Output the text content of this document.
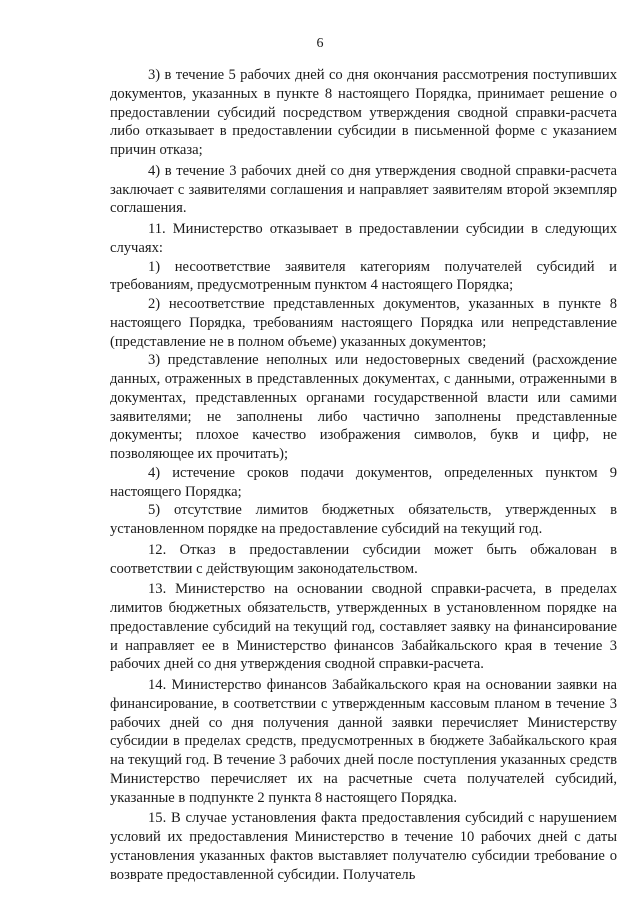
6

3) в течение 5 рабочих дней со дня окончания рассмотрения поступивших документов, указанных в пункте 8 настоящего Порядка, принимает решение о предоставлении субсидий посредством утверждения сводной справки-расчета либо отказывает в предоставлении субсидии в письменной форме с указанием причин отказа;

4) в течение 3 рабочих дней со дня утверждения сводной справки-расчета заключает с заявителями соглашения и направляет заявителям второй экземпляр соглашения.

11. Министерство отказывает в предоставлении субсидии в следующих случаях:

1) несоответствие заявителя категориям получателей субсидий и требованиям, предусмотренным пунктом 4 настоящего Порядка;

2) несоответствие представленных документов, указанных в пункте 8 настоящего Порядка, требованиям настоящего Порядка или непредставление (представление не в полном объеме) указанных документов;

3) представление неполных или недостоверных сведений (расхождение данных, отраженных в представленных документах, с данными, отраженными в документах, представленных органами государственной власти или самими заявителями; не заполнены либо частично заполнены представленные документы; плохое качество изображения символов, букв и цифр, не позволяющее их прочитать);

4) истечение сроков подачи документов, определенных пунктом 9 настоящего Порядка;

5) отсутствие лимитов бюджетных обязательств, утвержденных в установленном порядке на предоставление субсидий на текущий год.

12. Отказ в предоставлении субсидии может быть обжалован в соответствии с действующим законодательством.

13. Министерство на основании сводной справки-расчета, в пределах лимитов бюджетных обязательств, утвержденных в установленном порядке на предоставление субсидий на текущий год, составляет заявку на финансирование и направляет ее в Министерство финансов Забайкальского края в течение 3 рабочих дней со дня утверждения сводной справки-расчета.

14. Министерство финансов Забайкальского края на основании заявки на финансирование, в соответствии с утвержденным кассовым планом в течение 3 рабочих дней со дня получения данной заявки перечисляет Министерству субсидии в пределах средств, предусмотренных в бюджете Забайкальского края на текущий год. В течение 3 рабочих дней после поступления указанных средств Министерство перечисляет их на расчетные счета получателей субсидий, указанные в подпункте 2 пункта 8 настоящего Порядка.

15. В случае установления факта предоставления субсидий с нарушением условий их предоставления Министерство в течение 10 рабочих дней с даты установления указанных фактов выставляет получателю субсидии требование о возврате предоставленной субсидии. Получатель
